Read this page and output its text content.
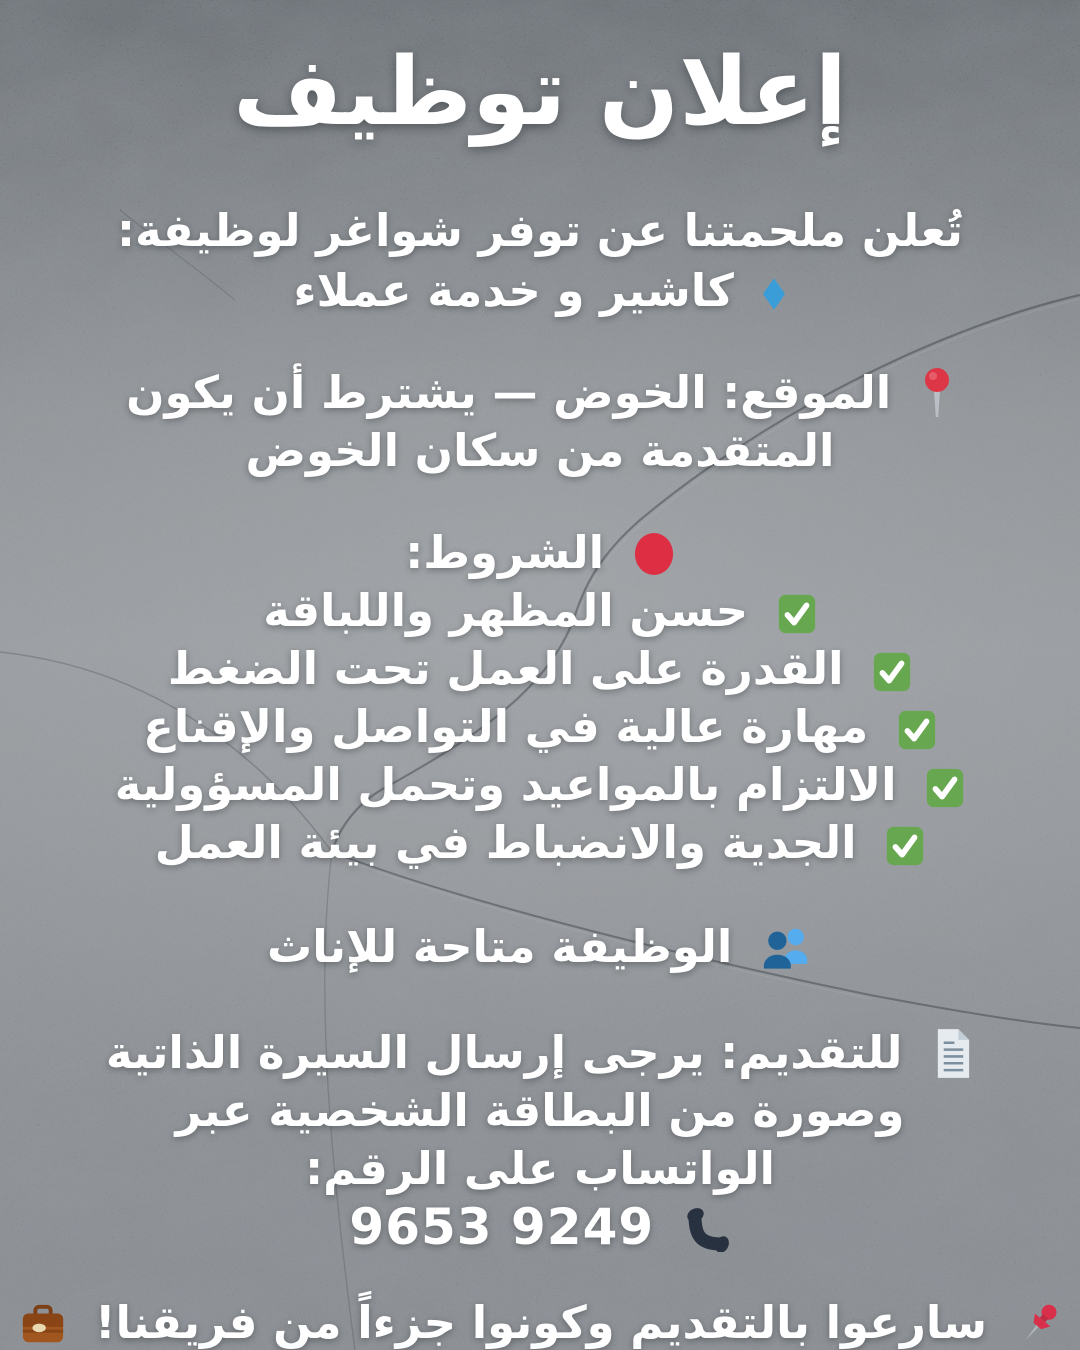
إعلان توظيف

تُعلن ملحمتنا عن توفر شواغر لوظيفة:

كاشير و خدمة عملاء

الموقع: الخوض — يشترط أن يكون المتقدمة من سكان الخوض

الشروط:

حسن المظهر واللباقة
القدرة على العمل تحت الضغط
مهارة عالية في التواصل والإقناع
الالتزام بالمواعيد وتحمل المسؤولية
الجدية والانضباط في بيئة العمل

الوظيفة متاحة للإناث

للتقديم: يرجى إرسال السيرة الذاتية وصورة من البطاقة الشخصية عبر الواتساب على الرقم:

9653 9249

سارعوا بالتقديم وكونوا جزءاً من فريقنا!
